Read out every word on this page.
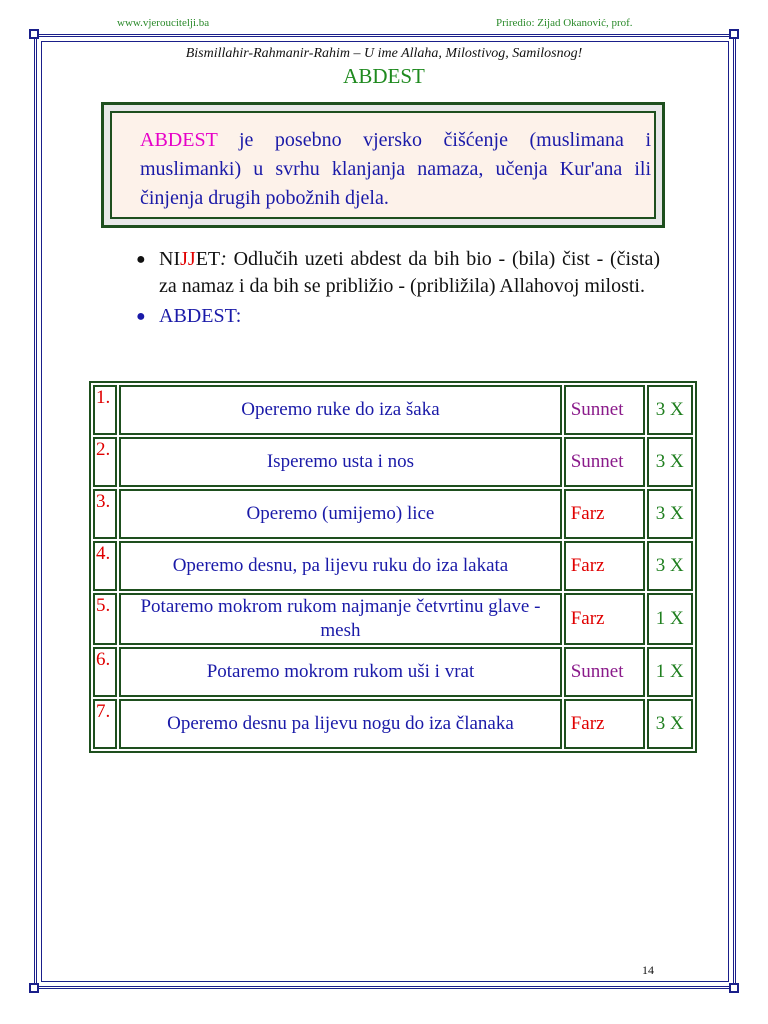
www.vjeroucitelji.ba	Priredio: Zijad Okanović, prof.
Bismillahir-Rahmanir-Rahim – U ime Allaha, Milostivog, Samilosnog!
ABDEST
ABDEST je posebno vjersko čišćenje (muslimana i muslimanki) u svrhu klanjanja namaza, učenja Kur'ana ili činjenja drugih pobožnih djela.
● NIJJET: Odlučih uzeti abdest da bih bio - (bila) čist - (čista) za namaz i da bih se približio - (približila) Allahovoj milosti.
● ABDEST:
1.	Operemo ruke do iza šaka	Sunnet	3 X
2.	Isperemo usta i nos	Sunnet	3 X
3.	Operemo (umijemo) lice	Farz	3 X
4.	Operemo desnu, pa lijevu ruku do iza lakata	Farz	3 X
5.	Potaremo mokrom rukom najmanje četvrtinu glave - mesh	Farz	1 X
6.	Potaremo mokrom rukom uši i vrat	Sunnet	1 X
7.	Operemo desnu pa lijevu nogu do iza članaka	Farz	3 X
14
